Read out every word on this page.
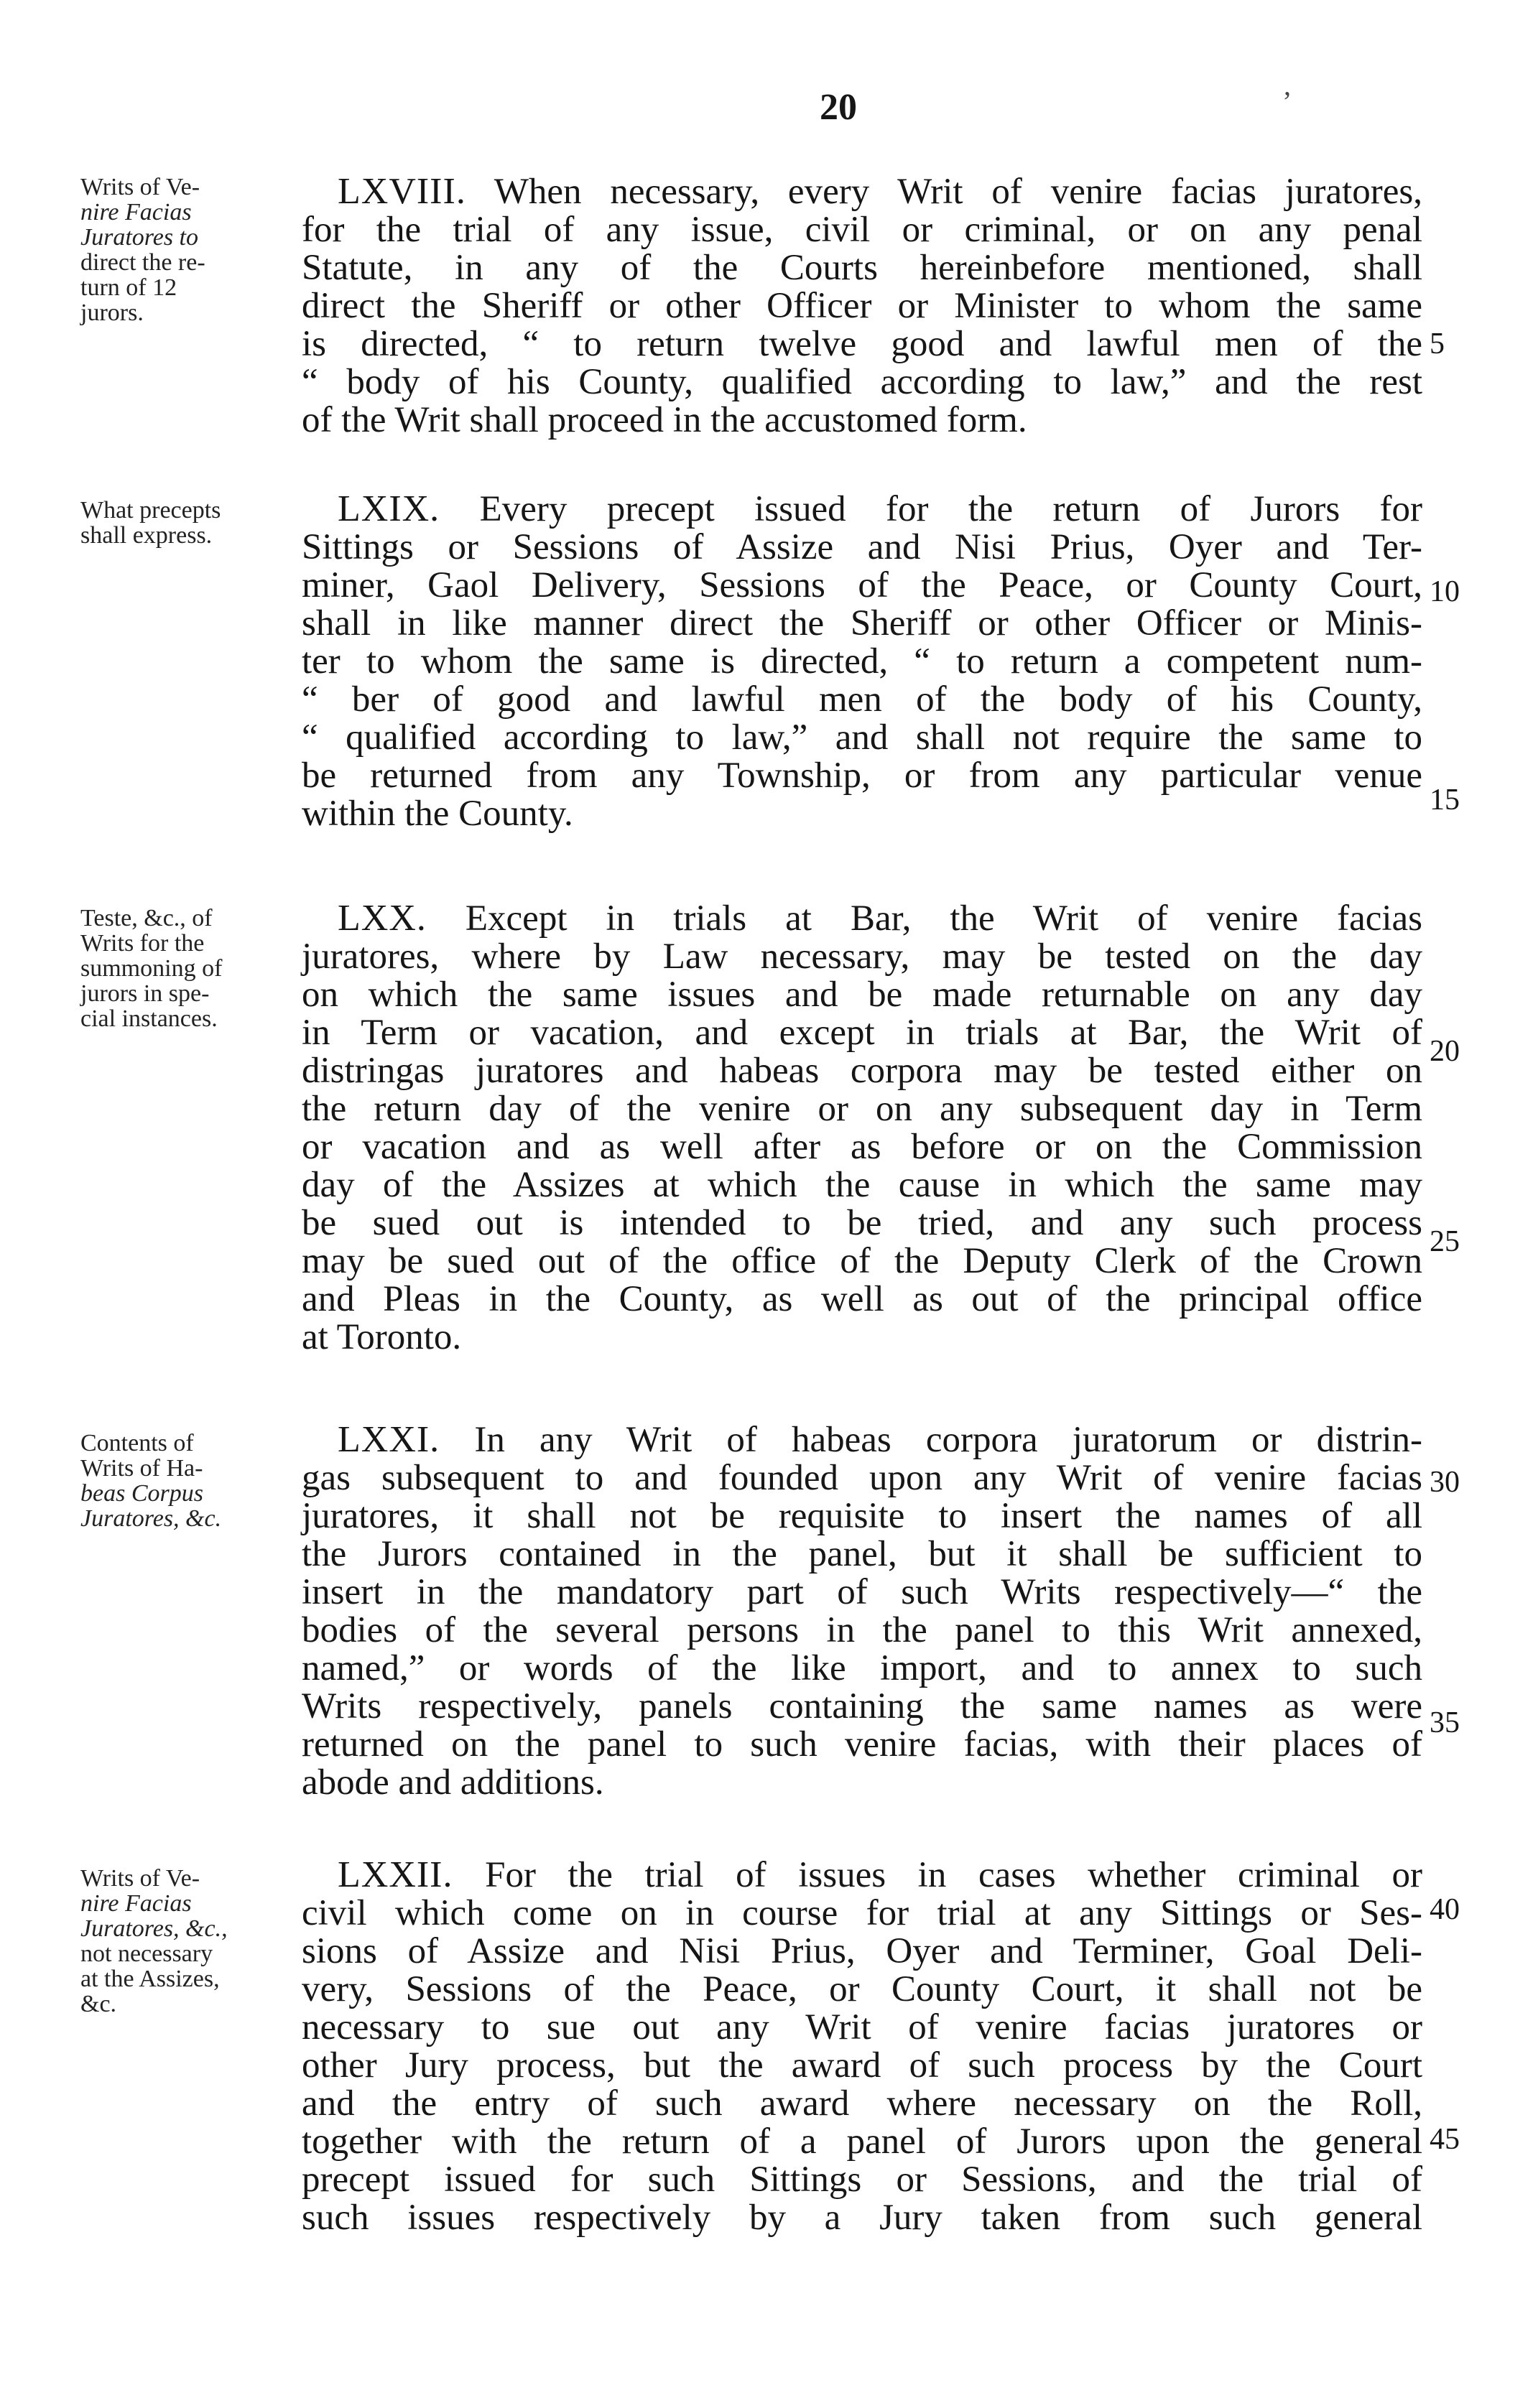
20	ʼ
Writs of Ve-
nire Facias
Juratores to
direct the re-
turn of 12
jurors.
LXVIII. When necessary, every Writ of venire facias juratores,
for the trial of any issue, civil or criminal, or on any penal
Statute, in any of the Courts hereinbefore mentioned, shall
direct the Sheriff or other Officer or Minister to whom the same
is directed, “ to return twelve good and lawful men of the
“ body of his County, qualified according to law,” and the rest
of the Writ shall proceed in the accustomed form.
What precepts
shall express.
LXIX. Every precept issued for the return of Jurors for
Sittings or Sessions of Assize and Nisi Prius, Oyer and Ter-
miner, Gaol Delivery, Sessions of the Peace, or County Court,
shall in like manner direct the Sheriff or other Officer or Minis-
ter to whom the same is directed, “ to return a competent num-
“ ber of good and lawful men of the body of his County,
“ qualified according to law,” and shall not require the same to
be returned from any Township, or from any particular venue
within the County.
Teste, &c., of
Writs for the
summoning of
jurors in spe-
cial instances.
LXX. Except in trials at Bar, the Writ of venire facias
juratores, where by Law necessary, may be tested on the day
on which the same issues and be made returnable on any day
in Term or vacation, and except in trials at Bar, the Writ of
distringas juratores and habeas corpora may be tested either on
the return day of the venire or on any subsequent day in Term
or vacation and as well after as before or on the Commission
day of the Assizes at which the cause in which the same may
be sued out is intended to be tried, and any such process
may be sued out of the office of the Deputy Clerk of the Crown
and Pleas in the County, as well as out of the principal office
at Toronto.
Contents of
Writs of Ha-
beas Corpus
Juratores, &c.
LXXI. In any Writ of habeas corpora juratorum or distrin-
gas subsequent to and founded upon any Writ of venire facias
juratores, it shall not be requisite to insert the names of all
the Jurors contained in the panel, but it shall be sufficient to
insert in the mandatory part of such Writs respectively—“ the
bodies of the several persons in the panel to this Writ annexed,
named,” or words of the like import, and to annex to such
Writs respectively, panels containing the same names as were
returned on the panel to such venire facias, with their places of
abode and additions.
Writs of Ve-
nire Facias
Juratores, &c.,
not necessary
at the Assizes,
&c.
LXXII. For the trial of issues in cases whether criminal or
civil which come on in course for trial at any Sittings or Ses-
sions of Assize and Nisi Prius, Oyer and Terminer, Goal Deli-
very, Sessions of the Peace, or County Court, it shall not be
necessary to sue out any Writ of venire facias juratores or
other Jury process, but the award of such process by the Court
and the entry of such award where necessary on the Roll,
together with the return of a panel of Jurors upon the general
precept issued for such Sittings or Sessions, and the trial of
such issues respectively by a Jury taken from such general
5
10
15
20
25
30
35
40
45
